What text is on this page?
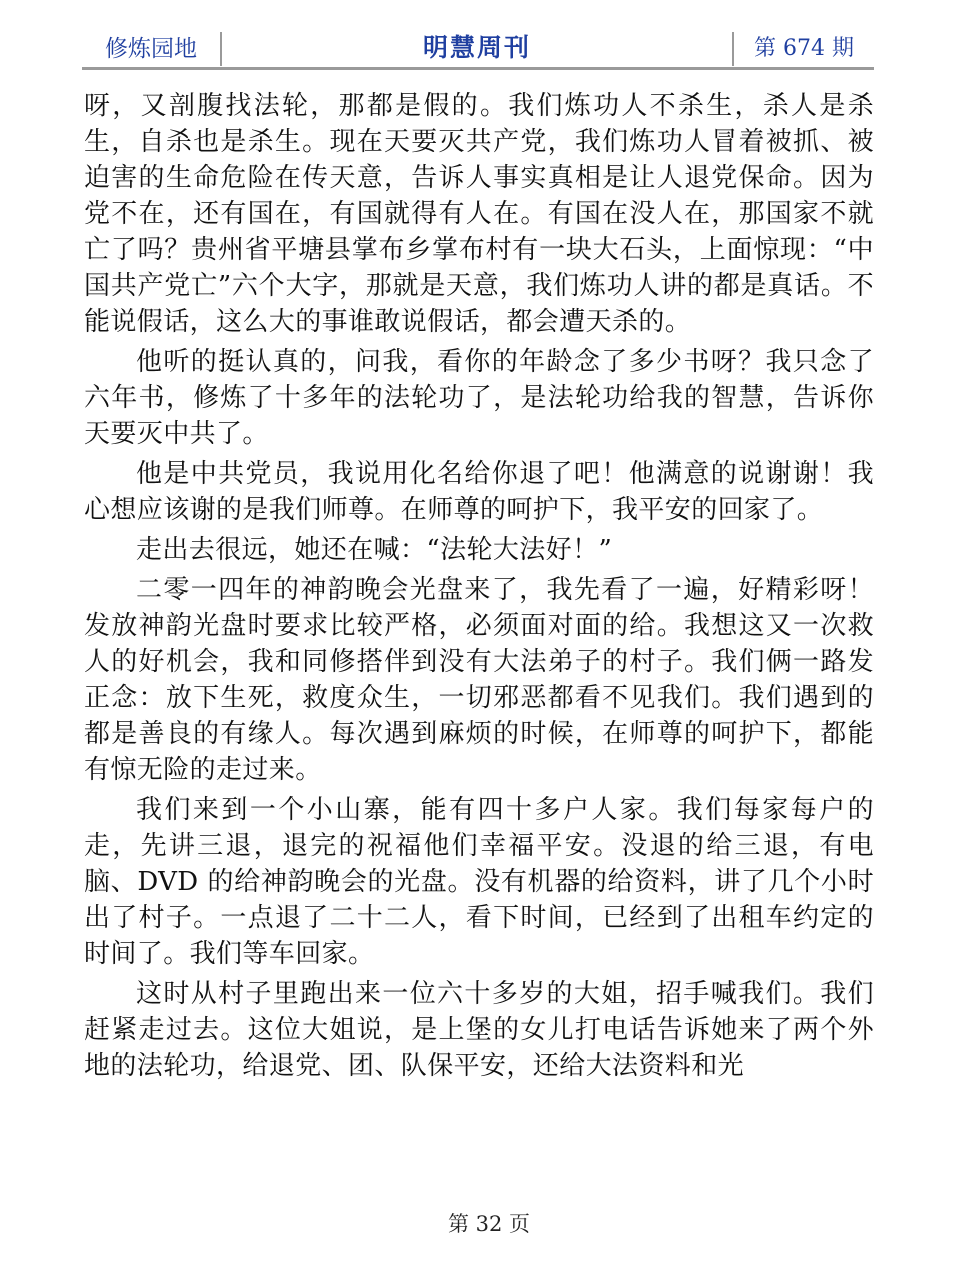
修炼园地	明慧周刊	第 674 期

呀，又剖腹找法轮，那都是假的。我们炼功人不杀生，杀人是杀生，自杀也是杀生。现在天要灭共产党，我们炼功人冒着被抓、被迫害的生命危险在传天意，告诉人事实真相是让人退党保命。因为党不在，还有国在，有国就得有人在。有国在没人在，那国家不就亡了吗？贵州省平塘县掌布乡掌布村有一块大石头，上面惊现：“中国共产党亡”六个大字，那就是天意，我们炼功人讲的都是真话。不能说假话，这么大的事谁敢说假话，都会遭天杀的。

他听的挺认真的，问我，看你的年龄念了多少书呀？我只念了六年书，修炼了十多年的法轮功了，是法轮功给我的智慧，告诉你天要灭中共了。

他是中共党员，我说用化名给你退了吧！他满意的说谢谢！我心想应该谢的是我们师尊。在师尊的呵护下，我平安的回家了。

走出去很远，她还在喊：“法轮大法好！”

二零一四年的神韵晚会光盘来了，我先看了一遍，好精彩呀！发放神韵光盘时要求比较严格，必须面对面的给。我想这又一次救人的好机会，我和同修搭伴到没有大法弟子的村子。我们俩一路发正念：放下生死，救度众生，一切邪恶都看不见我们。我们遇到的都是善良的有缘人。每次遇到麻烦的时候，在师尊的呵护下，都能有惊无险的走过来。

我们来到一个小山寨，能有四十多户人家。我们每家每户的走，先讲三退，退完的祝福他们幸福平安。没退的给三退，有电脑、DVD 的给神韵晚会的光盘。没有机器的给资料，讲了几个小时出了村子。一点退了二十二人，看下时间，已经到了出租车约定的时间了。我们等车回家。

这时从村子里跑出来一位六十多岁的大姐，招手喊我们。我们赶紧走过去。这位大姐说，是上堡的女儿打电话告诉她来了两个外地的法轮功，给退党、团、队保平安，还给大法资料和光

第 32 页
